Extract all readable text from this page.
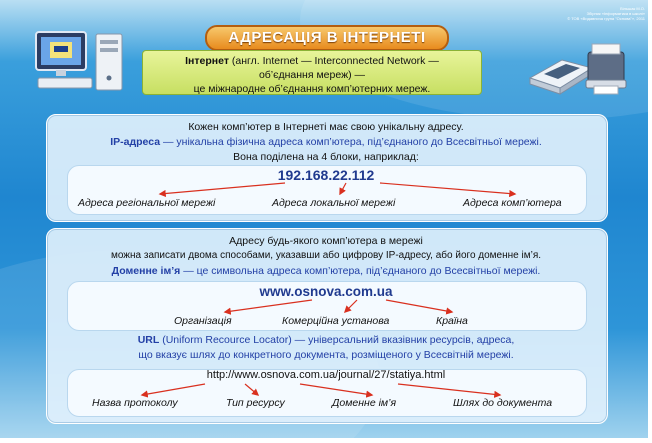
АДРЕСАЦІЯ В ІНТЕРНЕТІ
Вільшак М.О.
Збірник «Інформатика в школі»
© ТОВ «Видавнича група "Основа"», 2011
Інтернет (англ. Internet — Interconnected Network —
об’єднання мереж) —
це міжнародне об’єднання комп’ютерних мереж.
Кожен комп’ютер в Інтернеті має свою унікальну адресу.
IP-адреса — унікальна фізична адреса комп’ютера, під’єднаного до Всесвітньої мережі.
Вона поділена на 4 блоки, наприклад:
192.168.22.112
Адреса регіональної мережі	Адреса локальної мережі	Адреса комп’ютера
Адресу будь-якого комп’ютера в мережі
можна записати двома способами, указавши або цифрову IP-адресу, або його доменне ім’я.
Доменне ім’я — це символьна адреса комп’ютера, під’єднаного до Всесвітньої мережі.
www.osnova.com.ua
Організація	Комерційна установа	Країна
URL (Uniform Recource Locator) — універсальний вказівник ресурсів, адреса,
що вказує шлях до конкретного документа, розміщеного у Всесвітній мережі.
http://www.osnova.com.ua/journal/27/statiya.html
Назва протоколу	Тип ресурсу	Доменне ім’я	Шлях до документа
